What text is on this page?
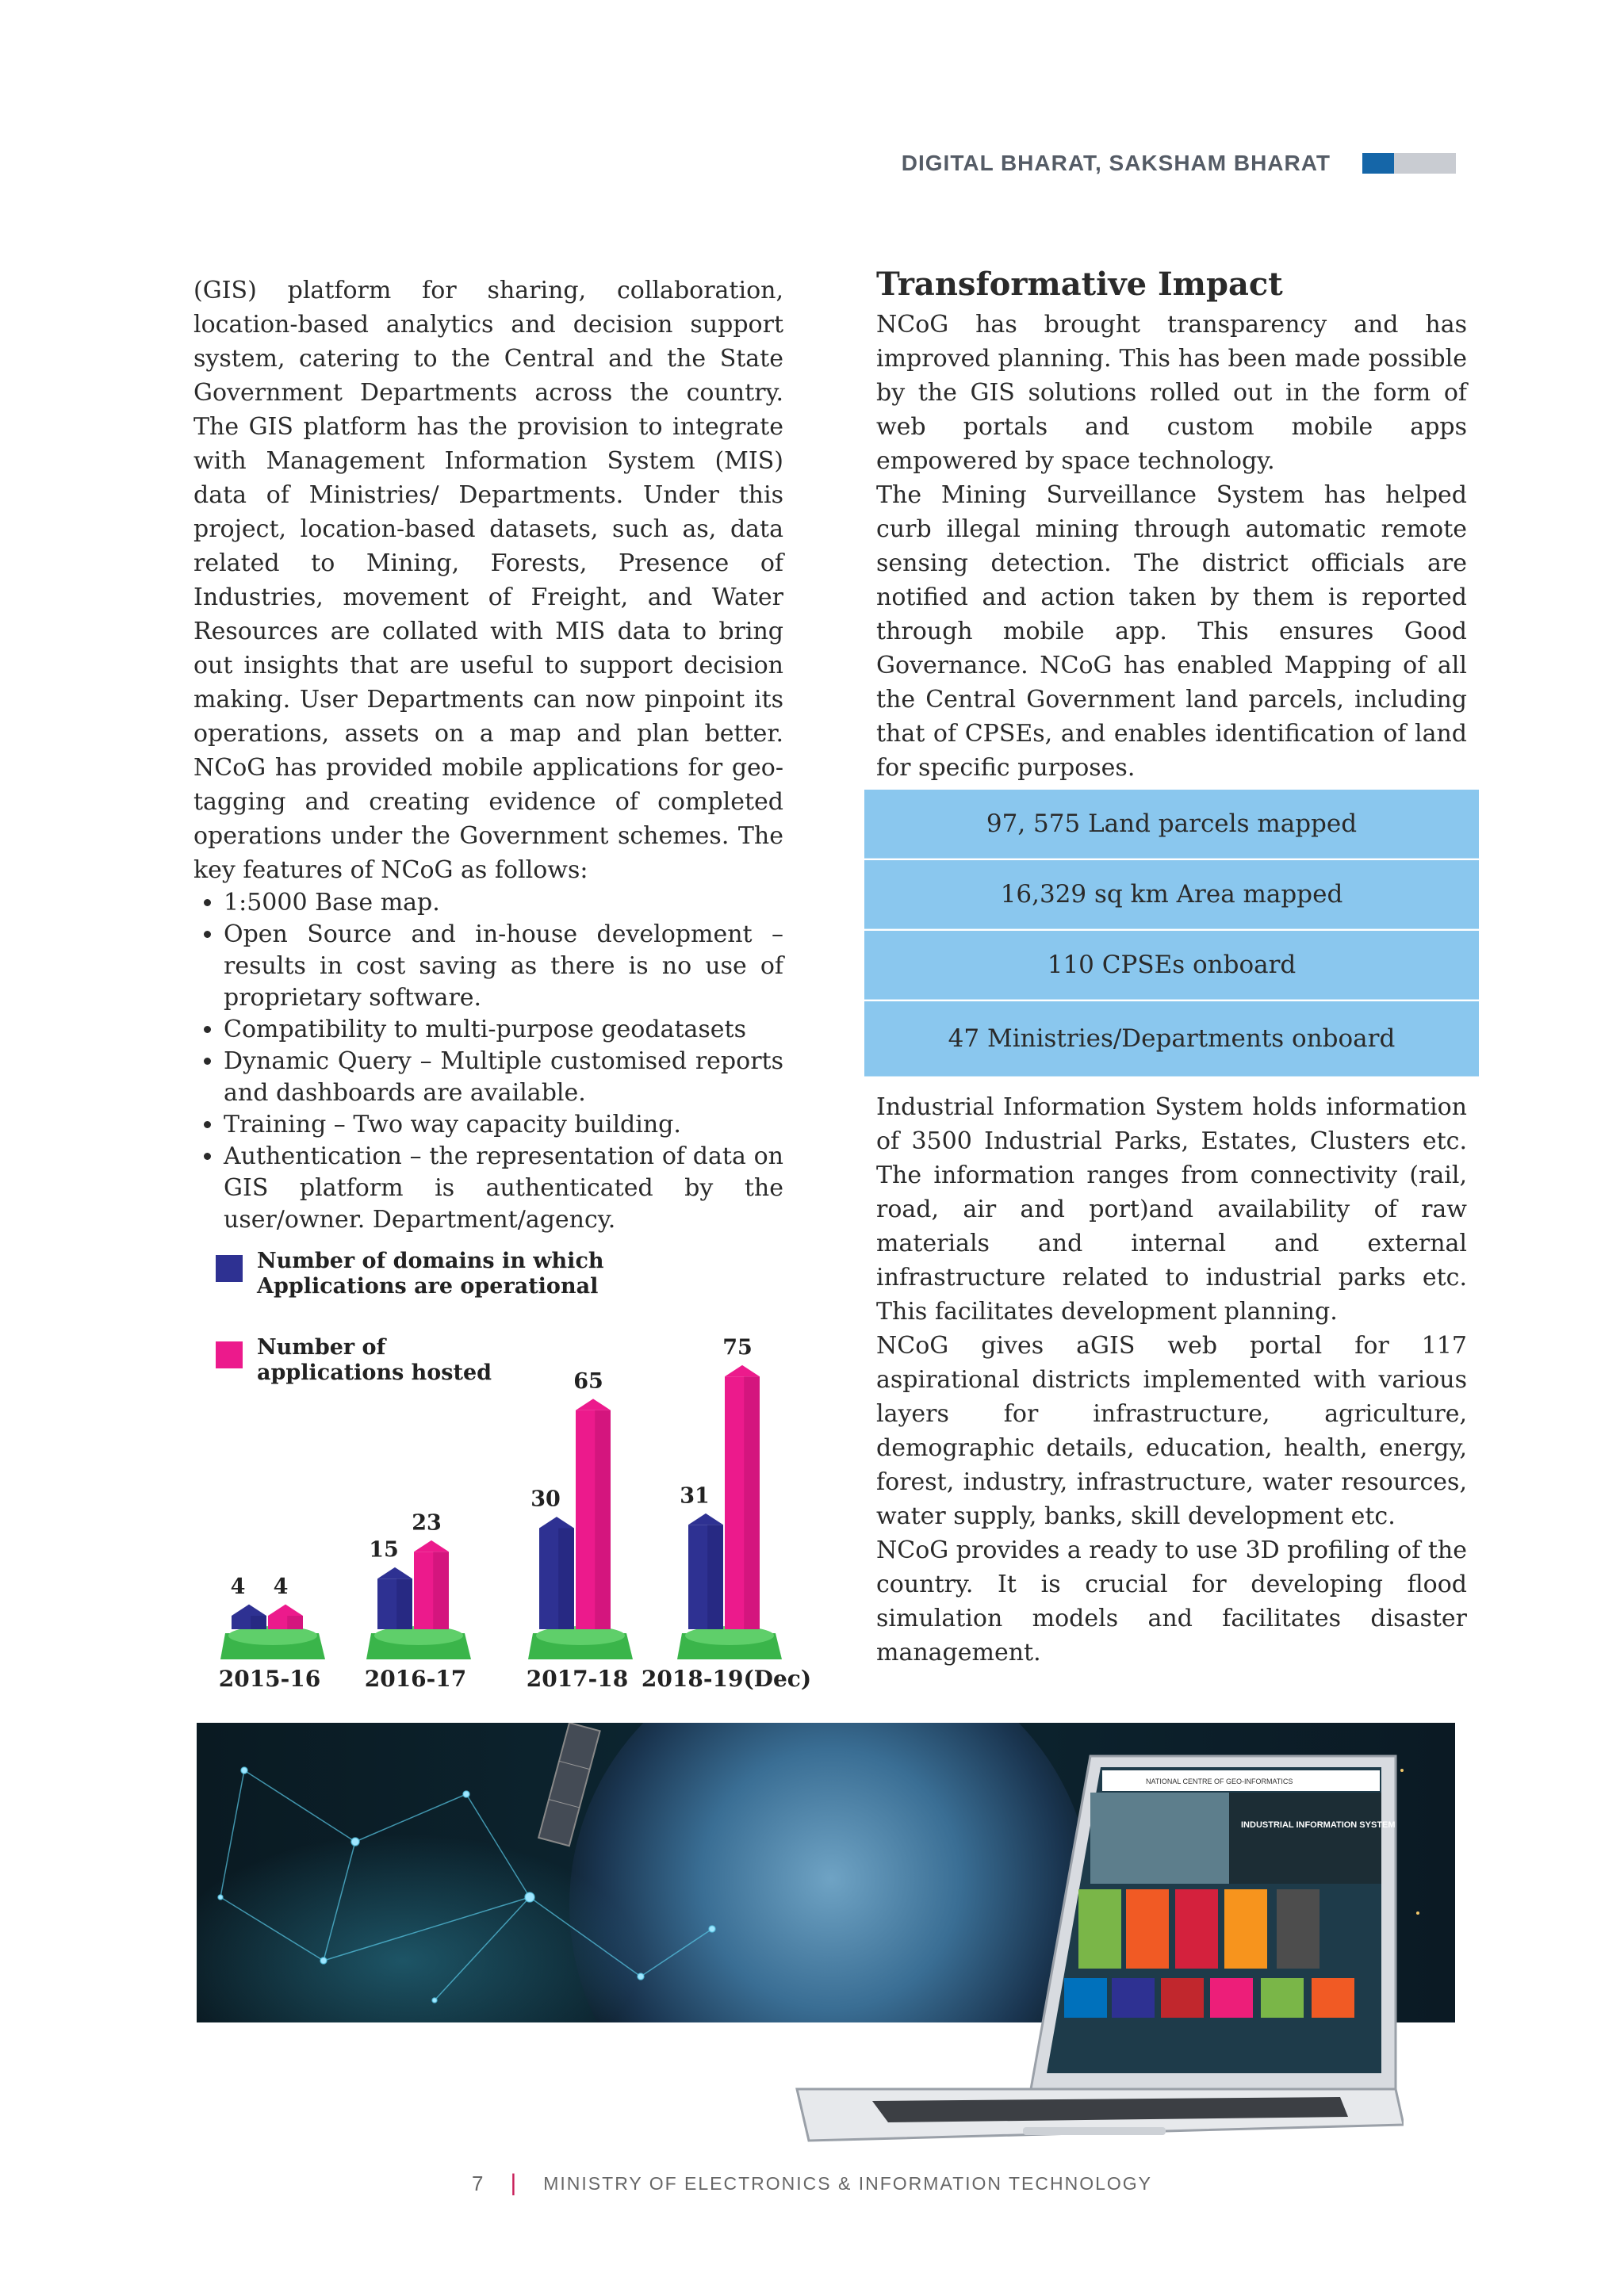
DIGITAL BHARAT, SAKSHAM BHARAT

(GIS) platform for sharing, collaboration, location-based analytics and decision support system, catering to the Central and the State Government Departments across the country. The GIS platform has the provision to integrate with Management Information System (MIS) data of Ministries/ Departments. Under this project, location-based datasets, such as, data related to Mining, Forests, Presence of Industries, movement of Freight, and Water Resources are collated with MIS data to bring out insights that are useful to support decision making. User Departments can now pinpoint its operations, assets on a map and plan better. NCoG has provided mobile applications for geo-tagging and creating evidence of completed operations under the Government schemes. The key features of NCoG as follows:

• 1:5000 Base map.
• Open Source and in-house development – results in cost saving as there is no use of proprietary software.
• Compatibility to multi-purpose geodatasets
• Dynamic Query – Multiple customised reports and dashboards are available.
• Training – Two way capacity building.
• Authentication – the representation of data on GIS platform is authenticated by the user/owner. Department/agency.
Transformative Impact

NCoG has brought transparency and has improved planning. This has been made possible by the GIS solutions rolled out in the form of web portals and custom mobile apps empowered by space technology.

The Mining Surveillance System has helped curb illegal mining through automatic remote sensing detection. The district officials are notified and action taken by them is reported through mobile app. This ensures Good Governance. NCoG has enabled Mapping of all the Central Government land parcels, including that of CPSEs, and enables identification of land for specific purposes.

97, 575 Land parcels mapped
16,329 sq km Area mapped
110 CPSEs onboard
47 Ministries/Departments onboard

Industrial Information System holds information of 3500 Industrial Parks, Estates, Clusters etc. The information ranges from connectivity (rail, road, air and port)and availability of raw materials and internal and external infrastructure related to industrial parks etc. This facilitates development planning.

NCoG gives aGIS web portal for 117 aspirational districts implemented with various layers for infrastructure, agriculture, demographic details, education, health, energy, forest, industry, infrastructure, water resources, water supply, banks, skill development etc.

NCoG provides a ready to use 3D profiling of the country. It is crucial for developing flood simulation models and facilitates disaster management.

Number of domains in which Applications are operational
Number of applications hosted
4 4
2015-16
15
23
2016-17
30
65
2017-18
31
75
2018-19(Dec)
NATIONAL CENTRE OF GEO-INFORMATICS
INDUSTRIAL INFORMATION SYSTEM
7 | MINISTRY OF ELECTRONICS & INFORMATION TECHNOLOGY
